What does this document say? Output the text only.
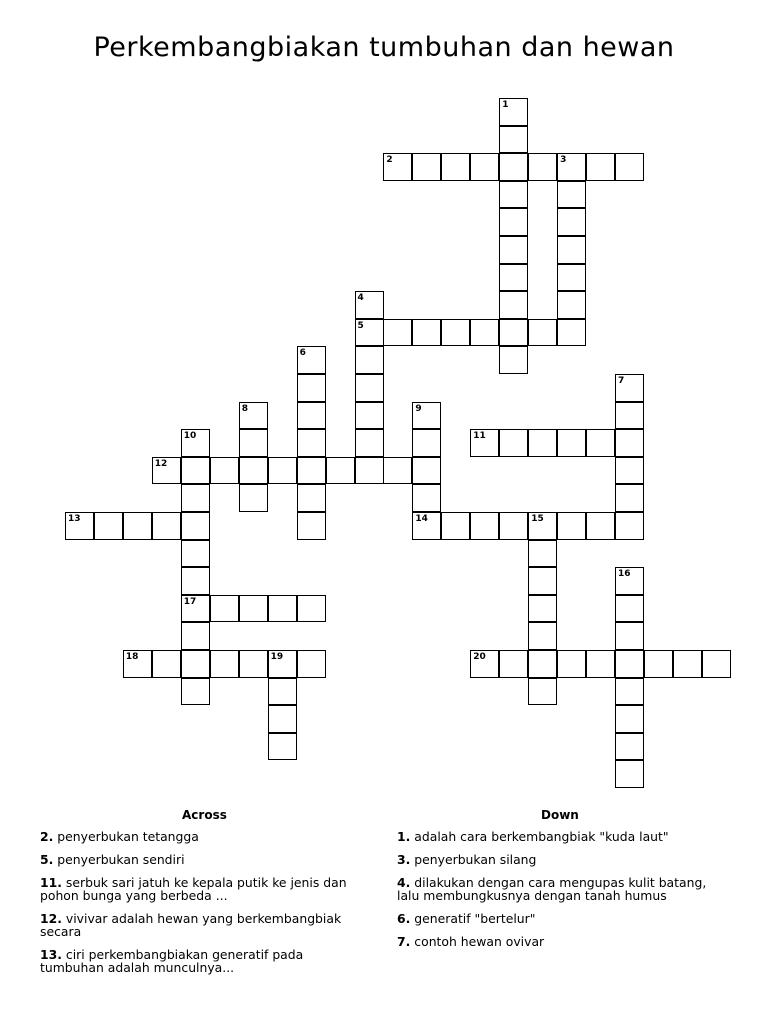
Perkembangbiakan tumbuhan dan hewan
1
2	3
4
5
6
7
8	9
14
10
17
11
12
13	15
16
18	19	20
Across	Down
2. penyerbukan tetangga
5. penyerbukan sendiri
11. serbuk sari jatuh ke kepala putik ke jenis dan pohon bunga yang berbeda ...
12. vivivar adalah hewan yang berkembangbiak secara
13. ciri perkembangbiakan generatif pada tumbuhan adalah munculnya...
1. adalah cara berkembangbiak "kuda laut"
3. penyerbukan silang
4. dilakukan dengan cara mengupas kulit batang, lalu membungkusnya dengan tanah humus
6. generatif "bertelur"
7. contoh hewan ovivar
